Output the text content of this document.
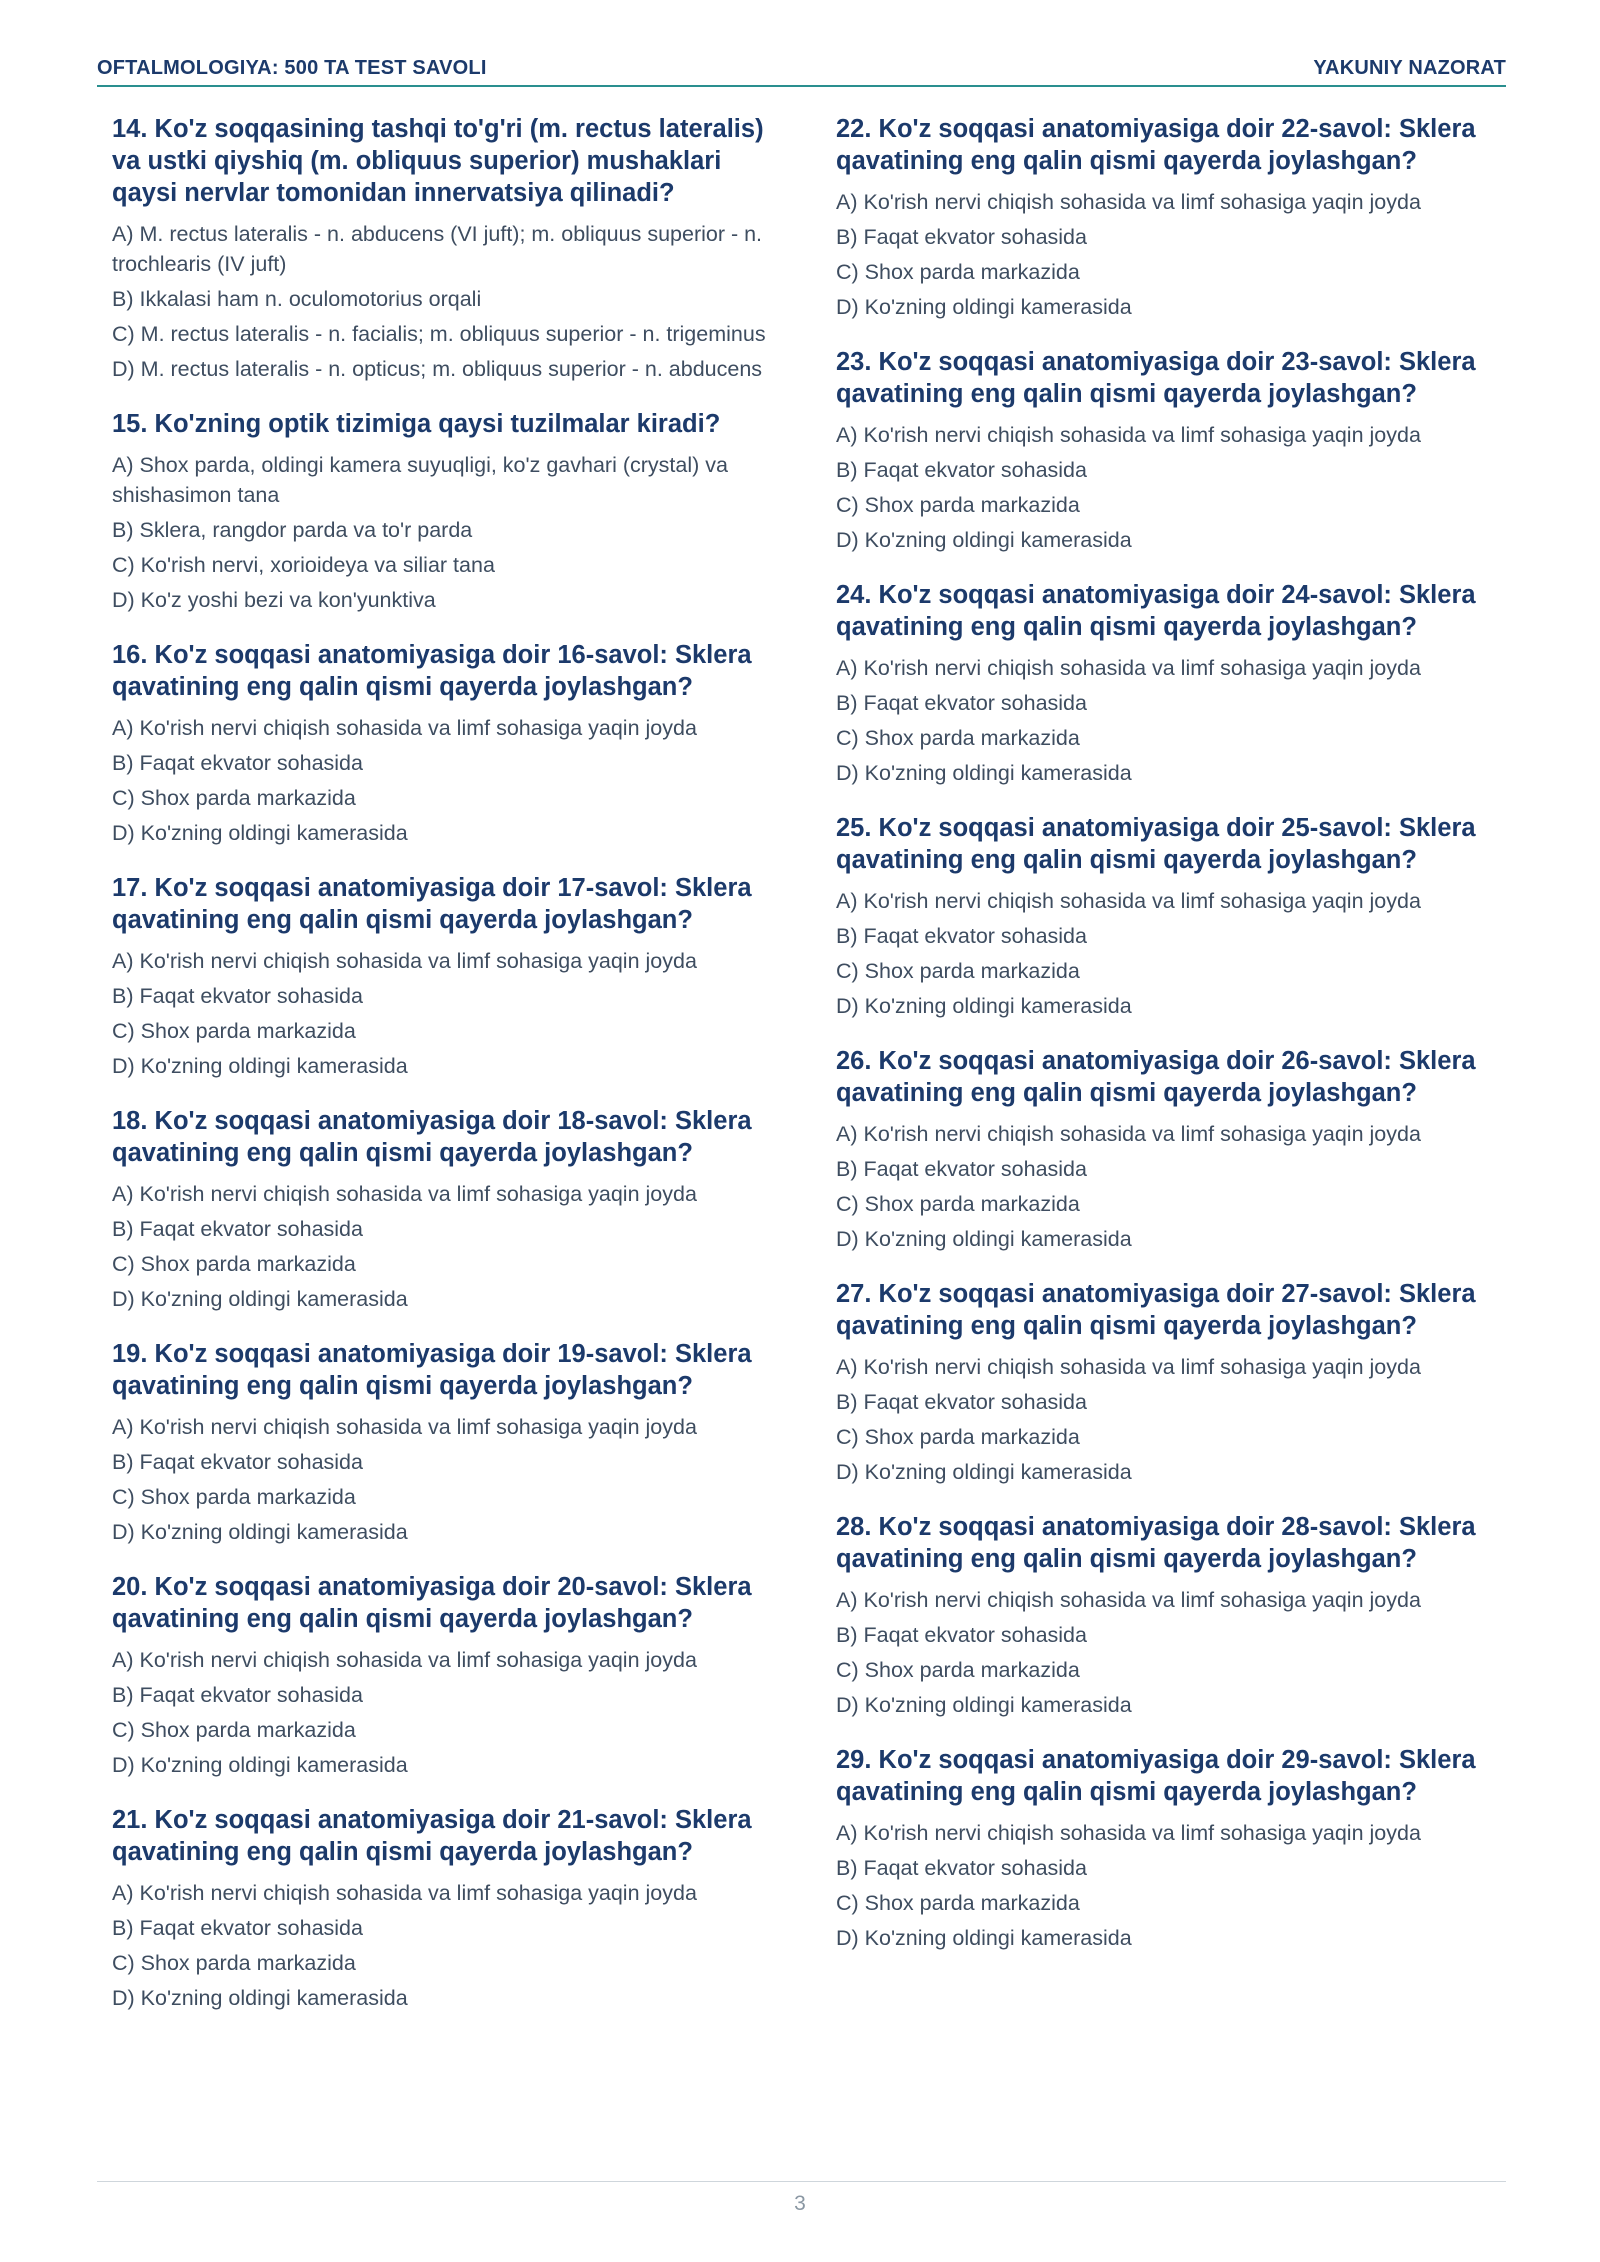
OFTALMOLOGIYA: 500 TA TEST SAVOLI	YAKUNIY NAZORAT
14. Ko'z soqqasining tashqi to'g'ri (m. rectus lateralis) va ustki qiyshiq (m. obliquus superior) mushaklari qaysi nervlar tomonidan innervatsiya qilinadi?
A) M. rectus lateralis - n. abducens (VI juft); m. obliquus superior - n. trochlearis (IV juft)
B) Ikkalasi ham n. oculomotorius orqali
C) M. rectus lateralis - n. facialis; m. obliquus superior - n. trigeminus
D) M. rectus lateralis - n. opticus; m. obliquus superior - n. abducens
15. Ko'zning optik tizimiga qaysi tuzilmalar kiradi?
A) Shox parda, oldingi kamera suyuqligi, ko'z gavhari (crystal) va shishasimon tana
B) Sklera, rangdor parda va to'r parda
C) Ko'rish nervi, xorioideya va siliar tana
D) Ko'z yoshi bezi va kon'yunktiva
16. Ko'z soqqasi anatomiyasiga doir 16-savol: Sklera qavatining eng qalin qismi qayerda joylashgan?
A) Ko'rish nervi chiqish sohasida va limf sohasiga yaqin joyda
B) Faqat ekvator sohasida
C) Shox parda markazida
D) Ko'zning oldingi kamerasida
17. Ko'z soqqasi anatomiyasiga doir 17-savol: Sklera qavatining eng qalin qismi qayerda joylashgan?
A) Ko'rish nervi chiqish sohasida va limf sohasiga yaqin joyda
B) Faqat ekvator sohasida
C) Shox parda markazida
D) Ko'zning oldingi kamerasida
18. Ko'z soqqasi anatomiyasiga doir 18-savol: Sklera qavatining eng qalin qismi qayerda joylashgan?
A) Ko'rish nervi chiqish sohasida va limf sohasiga yaqin joyda
B) Faqat ekvator sohasida
C) Shox parda markazida
D) Ko'zning oldingi kamerasida
19. Ko'z soqqasi anatomiyasiga doir 19-savol: Sklera qavatining eng qalin qismi qayerda joylashgan?
A) Ko'rish nervi chiqish sohasida va limf sohasiga yaqin joyda
B) Faqat ekvator sohasida
C) Shox parda markazida
D) Ko'zning oldingi kamerasida
20. Ko'z soqqasi anatomiyasiga doir 20-savol: Sklera qavatining eng qalin qismi qayerda joylashgan?
A) Ko'rish nervi chiqish sohasida va limf sohasiga yaqin joyda
B) Faqat ekvator sohasida
C) Shox parda markazida
D) Ko'zning oldingi kamerasida
21. Ko'z soqqasi anatomiyasiga doir 21-savol: Sklera qavatining eng qalin qismi qayerda joylashgan?
A) Ko'rish nervi chiqish sohasida va limf sohasiga yaqin joyda
B) Faqat ekvator sohasida
C) Shox parda markazida
D) Ko'zning oldingi kamerasida
22. Ko'z soqqasi anatomiyasiga doir 22-savol: Sklera qavatining eng qalin qismi qayerda joylashgan?
A) Ko'rish nervi chiqish sohasida va limf sohasiga yaqin joyda
B) Faqat ekvator sohasida
C) Shox parda markazida
D) Ko'zning oldingi kamerasida
23. Ko'z soqqasi anatomiyasiga doir 23-savol: Sklera qavatining eng qalin qismi qayerda joylashgan?
A) Ko'rish nervi chiqish sohasida va limf sohasiga yaqin joyda
B) Faqat ekvator sohasida
C) Shox parda markazida
D) Ko'zning oldingi kamerasida
24. Ko'z soqqasi anatomiyasiga doir 24-savol: Sklera qavatining eng qalin qismi qayerda joylashgan?
A) Ko'rish nervi chiqish sohasida va limf sohasiga yaqin joyda
B) Faqat ekvator sohasida
C) Shox parda markazida
D) Ko'zning oldingi kamerasida
25. Ko'z soqqasi anatomiyasiga doir 25-savol: Sklera qavatining eng qalin qismi qayerda joylashgan?
A) Ko'rish nervi chiqish sohasida va limf sohasiga yaqin joyda
B) Faqat ekvator sohasida
C) Shox parda markazida
D) Ko'zning oldingi kamerasida
26. Ko'z soqqasi anatomiyasiga doir 26-savol: Sklera qavatining eng qalin qismi qayerda joylashgan?
A) Ko'rish nervi chiqish sohasida va limf sohasiga yaqin joyda
B) Faqat ekvator sohasida
C) Shox parda markazida
D) Ko'zning oldingi kamerasida
27. Ko'z soqqasi anatomiyasiga doir 27-savol: Sklera qavatining eng qalin qismi qayerda joylashgan?
A) Ko'rish nervi chiqish sohasida va limf sohasiga yaqin joyda
B) Faqat ekvator sohasida
C) Shox parda markazida
D) Ko'zning oldingi kamerasida
28. Ko'z soqqasi anatomiyasiga doir 28-savol: Sklera qavatining eng qalin qismi qayerda joylashgan?
A) Ko'rish nervi chiqish sohasida va limf sohasiga yaqin joyda
B) Faqat ekvator sohasida
C) Shox parda markazida
D) Ko'zning oldingi kamerasida
29. Ko'z soqqasi anatomiyasiga doir 29-savol: Sklera qavatining eng qalin qismi qayerda joylashgan?
A) Ko'rish nervi chiqish sohasida va limf sohasiga yaqin joyda
B) Faqat ekvator sohasida
C) Shox parda markazida
D) Ko'zning oldingi kamerasida
3
